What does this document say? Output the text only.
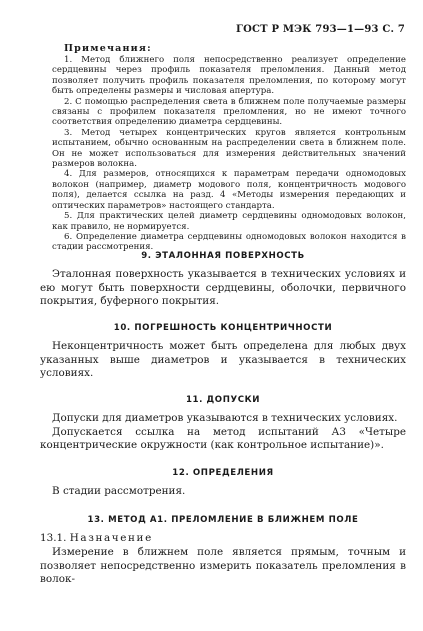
ГОСТ Р МЭК 793—1—93 С. 7
Примечания:

1. Метод ближнего поля непосредственно реализует определение сердцевины через профиль показателя преломления. Данный метод позволяет получить профиль показателя преломления, по которому могут быть определены размеры и числовая апертура.

2. С помощью распределения света в ближнем поле получаемые размеры связаны с профилем показателя преломления, но не имеют точного соответствия определению диаметра сердцевины.

3. Метод четырех концентрических кругов является контрольным испытанием, обычно основанным на распределении света в ближнем поле. Он не может использоваться для измерения действительных значений размеров волокна.

4. Для размеров, относящихся к параметрам передачи одномодовых волокон (например, диаметр модового поля, концентричность модового поля), делается ссылка на разд. 4 «Методы измерения передающих и оптических параметров» настоящего стандарта.

5. Для практических целей диаметр сердцевины одномодовых волокон, как правило, не нормируется.

6. Определение диаметра сердцевины одномодовых волокон находится в стадии рассмотрения.

9. ЭТАЛОННАЯ ПОВЕРХНОСТЬ

Эталонная поверхность указывается в технических условиях и ею могут быть поверхности сердцевины, оболочки, первичного покрытия, буферного покрытия.

10. ПОГРЕШНОСТЬ КОНЦЕНТРИЧНОСТИ

Неконцентричность может быть определена для любых двух указанных выше диаметров и указывается в технических условиях.

11. ДОПУСКИ

Допуски для диаметров указываются в технических условиях.

Допускается ссылка на метод испытаний А3 «Четыре концентрические окружности (как контрольное испытание)».

12. ОПРЕДЕЛЕНИЯ

В стадии рассмотрения.

13. МЕТОД А1. ПРЕЛОМЛЕНИЕ В БЛИЖНЕМ ПОЛЕ
13.1. Назначение

Измерение в ближнем поле является прямым, точным и позволяет непосредственно измерить показатель преломления в волок-
